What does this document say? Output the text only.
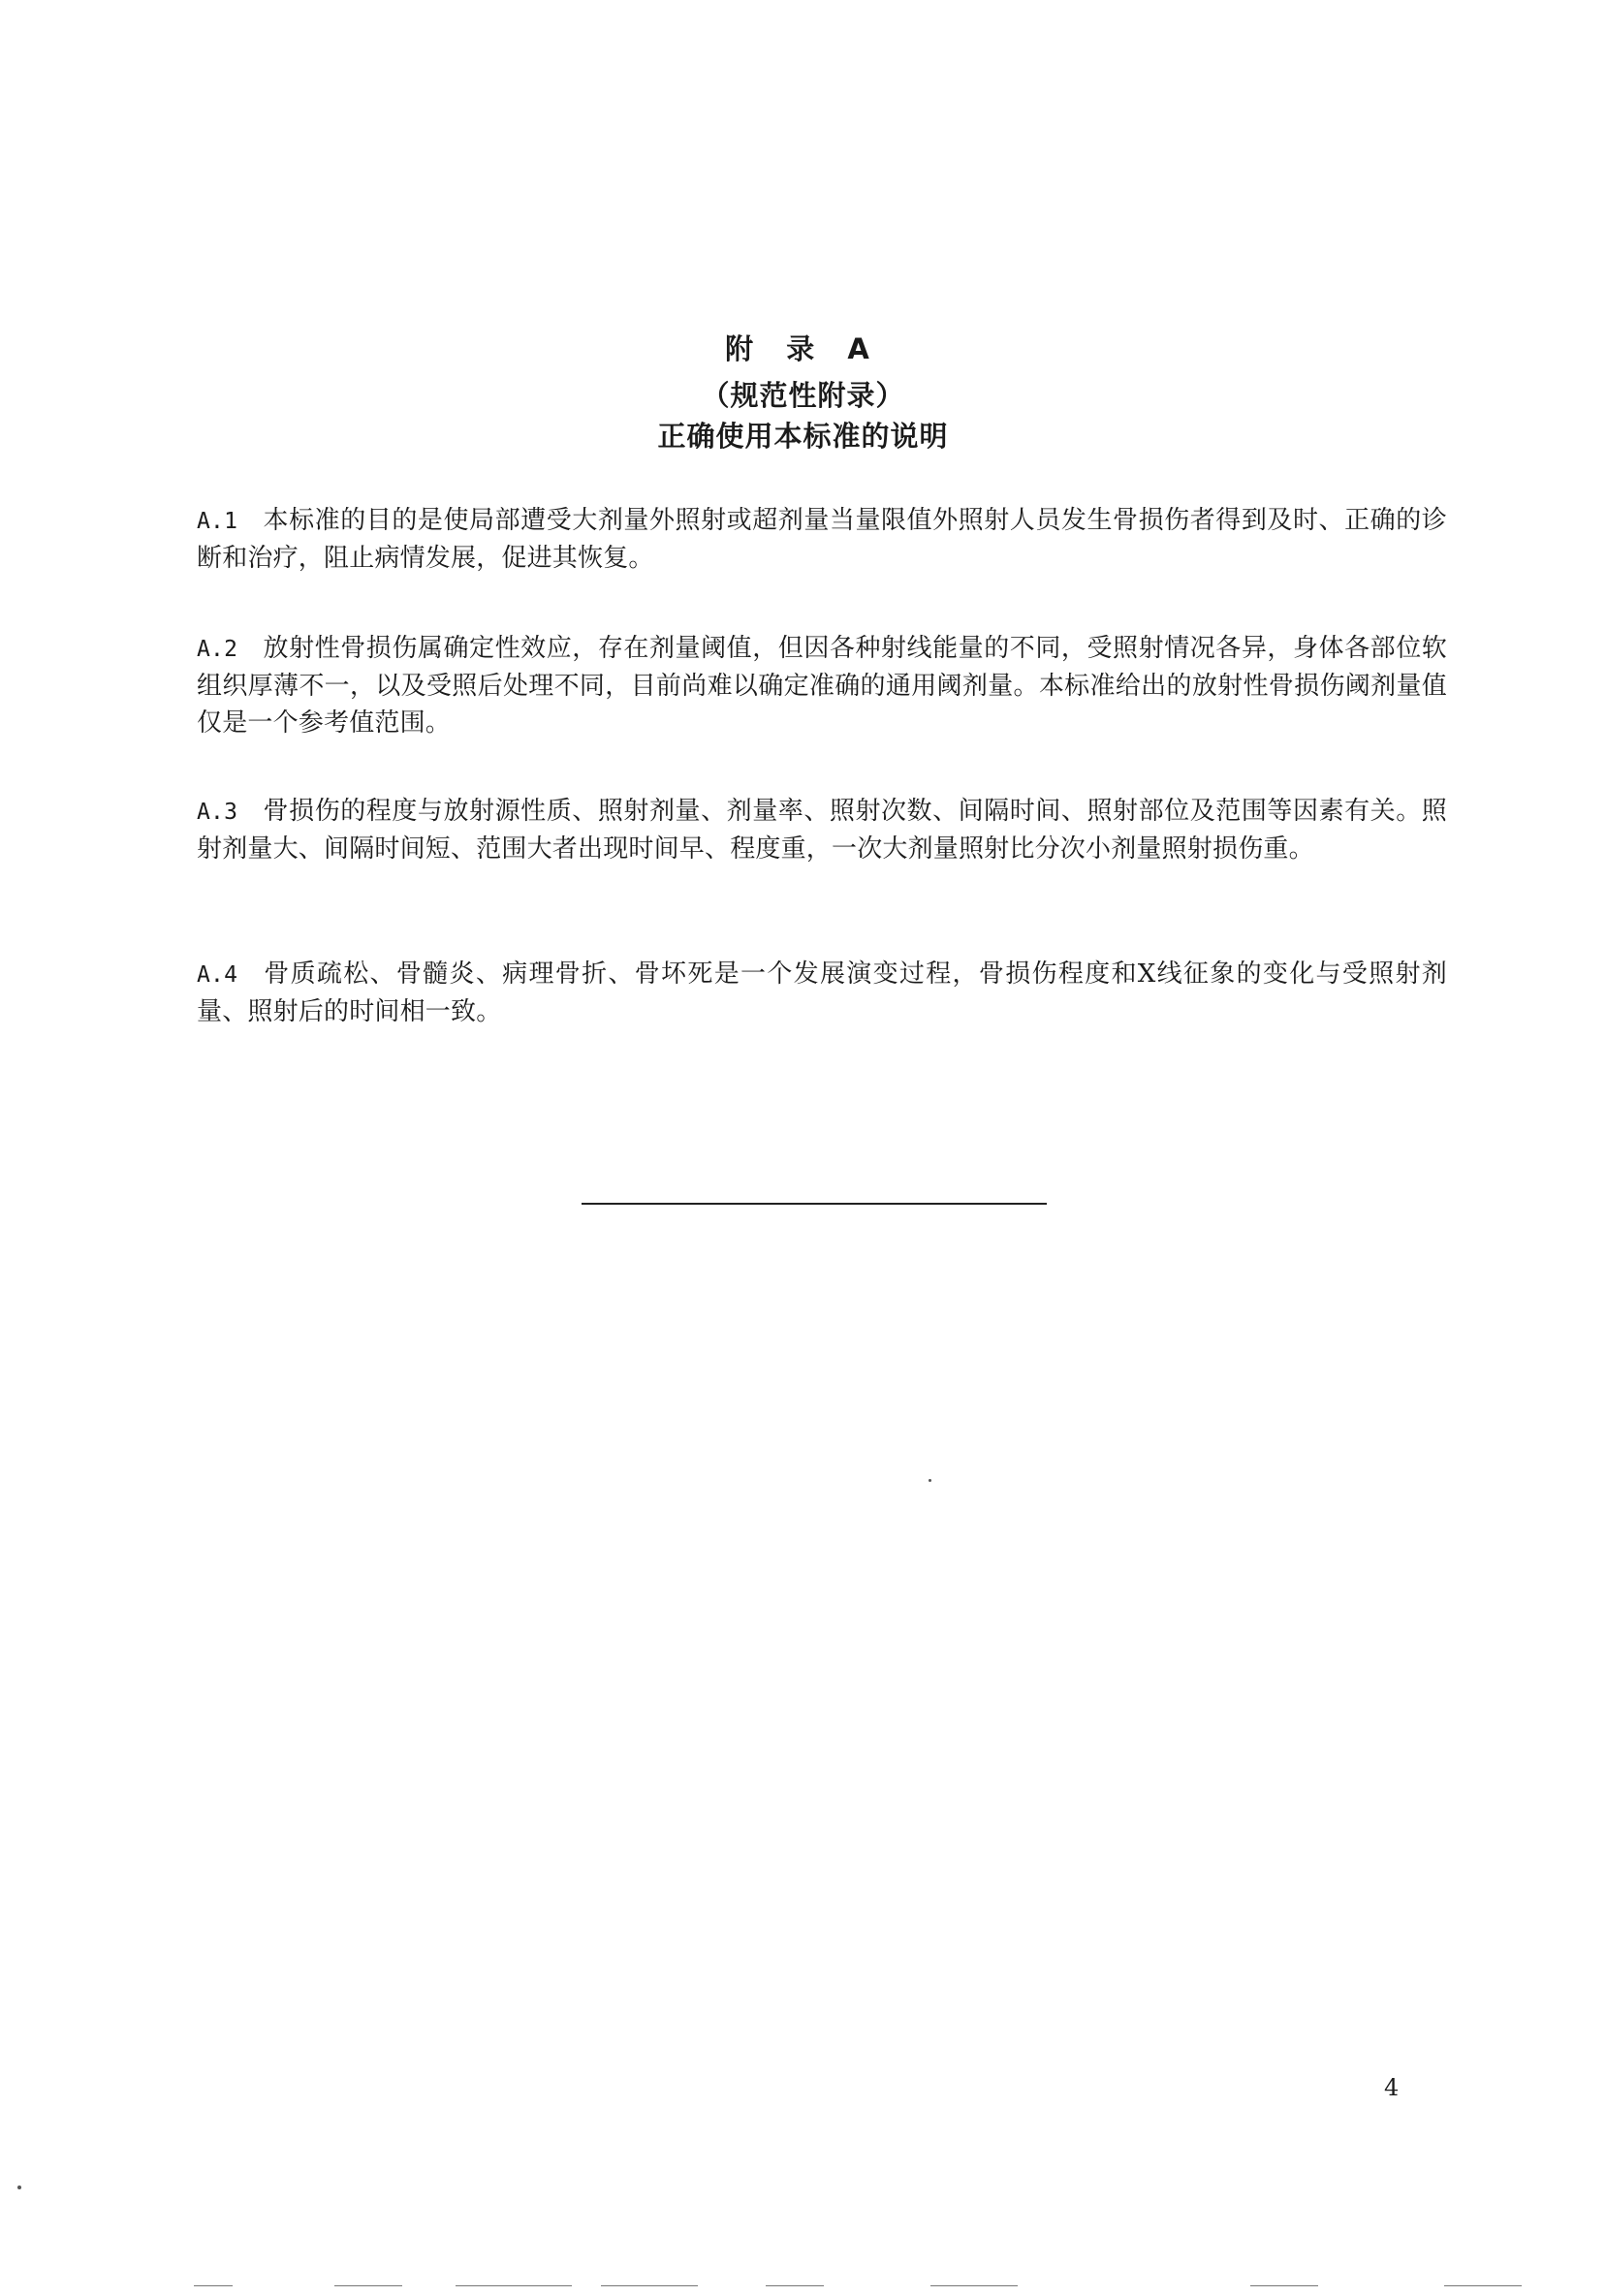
附 录 A
（规范性附录）
正确使用本标准的说明
A.1 本标准的目的是使局部遭受大剂量外照射或超剂量当量限值外照射人员发生骨损伤者得到及时、正确的诊断和治疗，阻止病情发展，促进其恢复。
A.2 放射性骨损伤属确定性效应，存在剂量阈值，但因各种射线能量的不同，受照射情况各异，身体各部位软组织厚薄不一，以及受照后处理不同，目前尚难以确定准确的通用阈剂量。本标准给出的放射性骨损伤阈剂量值仅是一个参考值范围。
A.3 骨损伤的程度与放射源性质、照射剂量、剂量率、照射次数、间隔时间、照射部位及范围等因素有关。照射剂量大、间隔时间短、范围大者出现时间早、程度重，一次大剂量照射比分次小剂量照射损伤重。
A.4 骨质疏松、骨髓炎、病理骨折、骨坏死是一个发展演变过程，骨损伤程度和X线征象的变化与受照射剂量、照射后的时间相一致。
4
